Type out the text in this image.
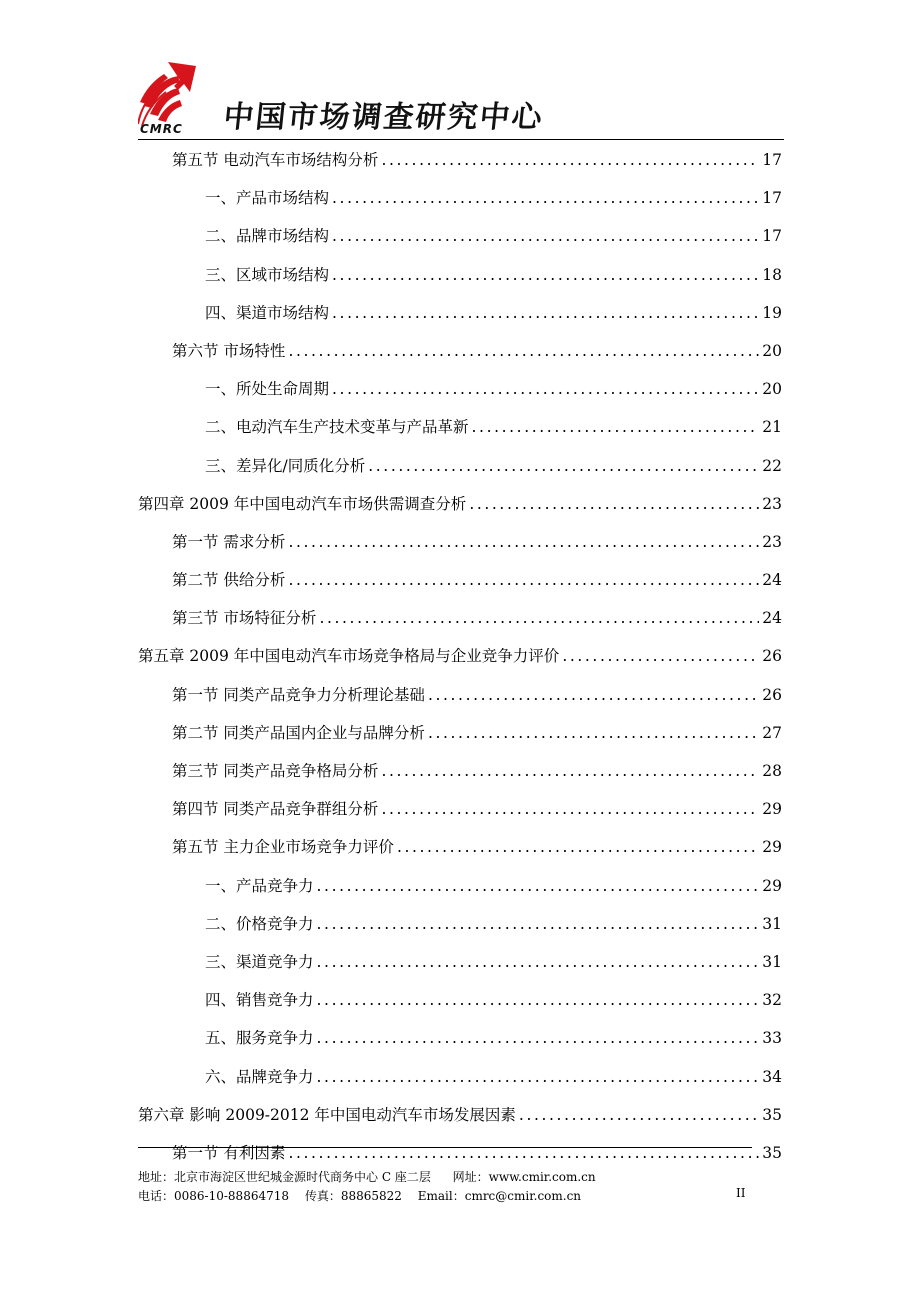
CMRC 中国市场调查研究中心
第五节 电动汽车市场结构分析 .....	17
一、产品市场结构 .....	17
二、品牌市场结构 .....	17
三、区域市场结构 .....	18
四、渠道市场结构 .....	19
第六节 市场特性 .....	20
一、所处生命周期 .....	20
二、电动汽车生产技术变革与产品革新 .....	21
三、差异化/同质化分析 .....	22
第四章 2009 年中国电动汽车市场供需调查分析 .....	23
第一节 需求分析 .....	23
第二节 供给分析 .....	24
第三节 市场特征分析 .....	24
第五章 2009 年中国电动汽车市场竞争格局与企业竞争力评价 .....	26
第一节 同类产品竞争力分析理论基础 .....	26
第二节 同类产品国内企业与品牌分析 .....	27
第三节 同类产品竞争格局分析 .....	28
第四节 同类产品竞争群组分析 .....	29
第五节 主力企业市场竞争力评价 .....	29
一、产品竞争力 .....	29
二、价格竞争力 .....	31
三、渠道竞争力 .....	31
四、销售竞争力 .....	32
五、服务竞争力 .....	33
六、品牌竞争力 .....	34
第六章 影响 2009-2012 年中国电动汽车市场发展因素 .....	35
第一节 有利因素 .....	35
地址：北京市海淀区世纪城金源时代商务中心 C 座二层 网址：www.cmir.com.cn
电话：0086-10-88864718 传真：88865822 Email：cmrc@cmir.com.cn	II
